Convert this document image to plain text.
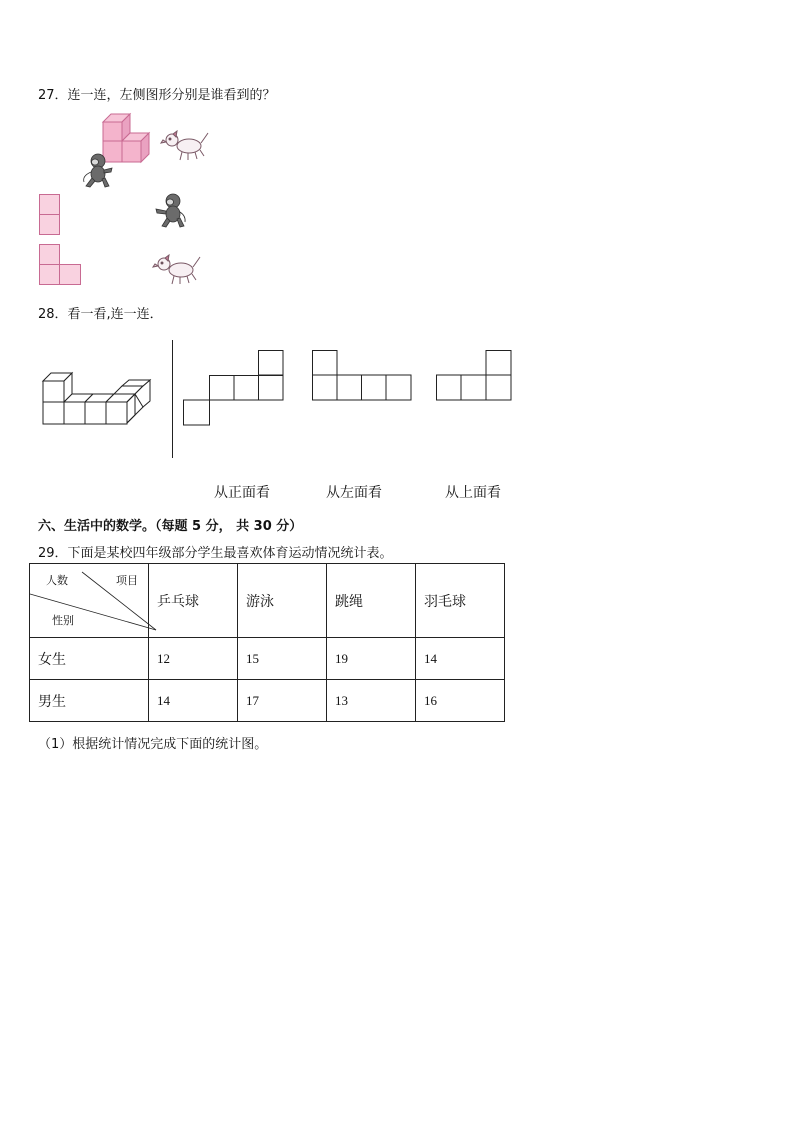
27．连一连，左侧图形分别是谁看到的？
28．看一看,连一连．
从正面看	从左面看	从上面看
六、生活中的数学。（每题 5 分， 共 30 分）
29．下面是某校四年级部分学生最喜欢体育运动情况统计表。
人数 项目
性别	乒乓球	游泳	跳绳	羽毛球
女生	12	15	19	14
男生	14	17	13	16
（1）根据统计情况完成下面的统计图。
